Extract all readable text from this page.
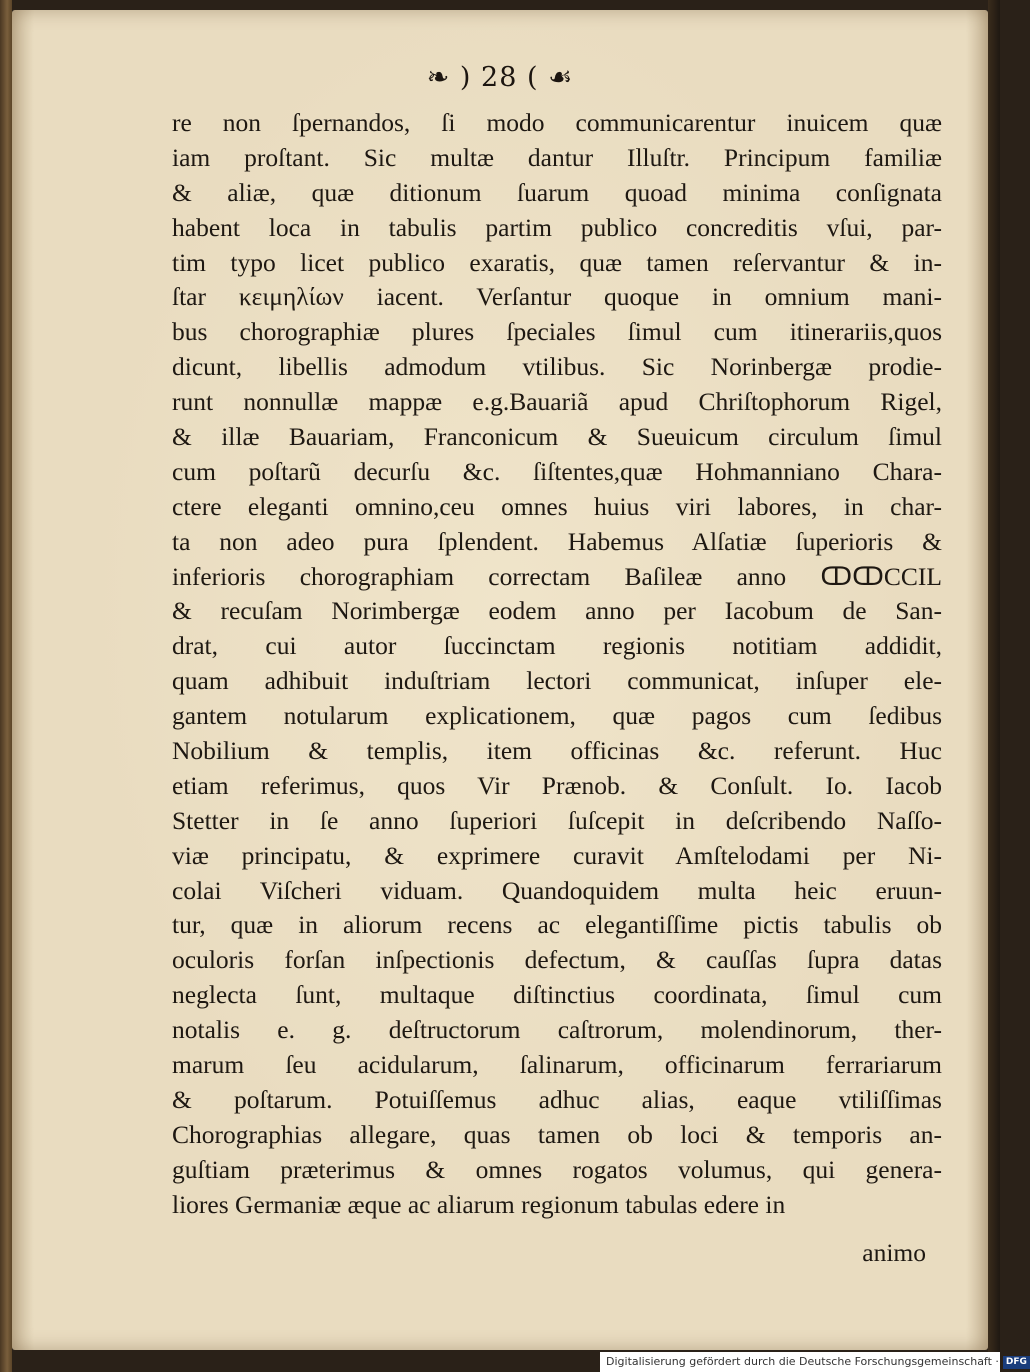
❧ ) 28 ( ☙
re non ſpernandos, ſi modo communicarentur inuicem quæ
iam proſtant. Sic multæ dantur Illuſtr. Principum familiæ
& aliæ, quæ ditionum ſuarum quoad minima conſignata
habent loca in tabulis partim publico concreditis vſui, par-
tim typo licet publico exaratis, quæ tamen reſervantur & in-
ſtar κειμηλίων iacent. Verſantur quoque in omnium mani-
bus chorographiæ plures ſpeciales ſimul cum itinerariis,quos
dicunt, libellis admodum vtilibus. Sic Norinbergæ prodie-
runt nonnullæ mappæ e.g.Bauariã apud Chriſtophorum Rigel,
& illæ Bauariam, Franconicum & Sueuicum circulum ſimul
cum poſtarũ decurſu &c. ſiſtentes,quæ Hohmanniano Chara-
ctere eleganti omnino,ceu omnes huius viri labores, in char-
ta non adeo pura ſplendent. Habemus Alſatiæ ſuperioris &
inferioris chorographiam correctam Baſileæ anno ↀↀCCIL
& recuſam Norimbergæ eodem anno per Iacobum de San-
drat, cui autor ſuccinctam regionis notitiam addidit,
quam adhibuit induſtriam lectori communicat, inſuper ele-
gantem notularum explicationem, quæ pagos cum ſedibus
Nobilium & templis, item officinas &c. referunt. Huc
etiam referimus, quos Vir Prænob. & Conſult. Io. Iacob
Stetter in ſe anno ſuperiori ſuſcepit in deſcribendo Naſſo-
viæ principatu, & exprimere curavit Amſtelodami per Ni-
colai Viſcheri viduam. Quandoquidem multa heic eruun-
tur, quæ in aliorum recens ac elegantiſſime pictis tabulis ob
oculoris forſan inſpectionis defectum, & cauſſas ſupra datas
neglecta ſunt, multaque diſtinctius coordinata, ſimul cum
notalis e. g. deſtructorum caſtrorum, molendinorum, ther-
marum ſeu acidularum, ſalinarum, officinarum ferrariarum
& poſtarum. Potuiſſemus adhuc alias, eaque vtiliſſimas
Chorographias allegare, quas tamen ob loci & temporis an-
guſtiam præterimus & omnes rogatos volumus, qui genera-
liores Germaniæ æque ac aliarum regionum tabulas edere in
animo
Digitalisierung gefördert durch die Deutsche Forschungsgemeinschaft · DFG
